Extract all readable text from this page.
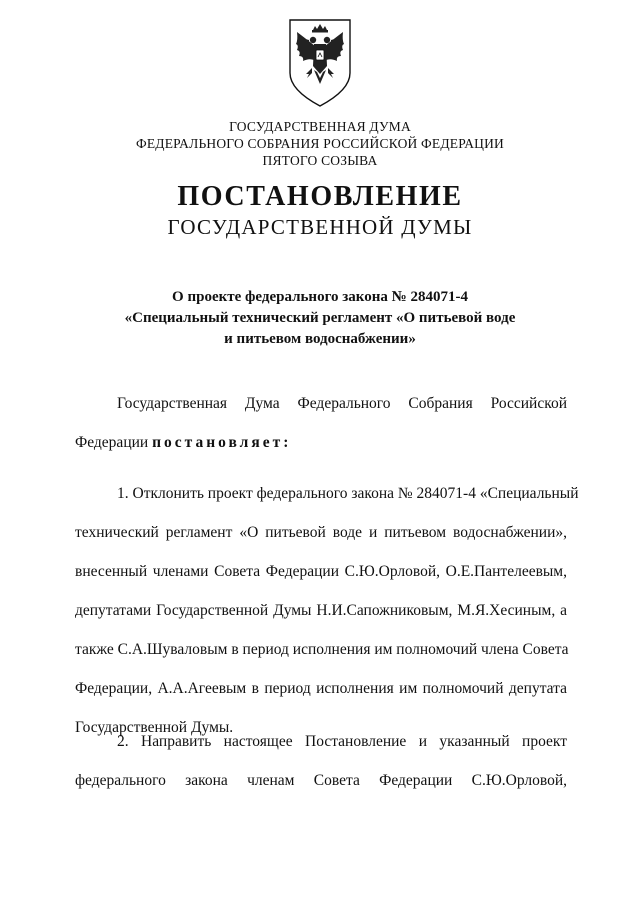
ГОСУДАРСТВЕННАЯ ДУМА
ФЕДЕРАЛЬНОГО СОБРАНИЯ РОССИЙСКОЙ ФЕДЕРАЦИИ
ПЯТОГО СОЗЫВА
ПОСТАНОВЛЕНИЕ
ГОСУДАРСТВЕННОЙ ДУМЫ
О проекте федерального закона № 284071-4
«Специальный технический регламент «О питьевой воде
и питьевом водоснабжении»
Государственная Дума Федерального Собрания Российской
Федерации постановляет:
1. Отклонить проект федерального закона № 284071-4 «Специальный
технический регламент «О питьевой воде и питьевом водоснабжении»,
внесенный членами Совета Федерации С.Ю.Орловой, О.Е.Пантелеевым,
депутатами Государственной Думы Н.И.Сапожниковым, М.Я.Хесиным, а
также С.А.Шуваловым в период исполнения им полномочий члена Совета
Федерации, А.А.Агеевым в период исполнения им полномочий депутата
Государственной Думы.
2. Направить настоящее Постановление и указанный проект
федерального закона членам Совета Федерации С.Ю.Орловой,
